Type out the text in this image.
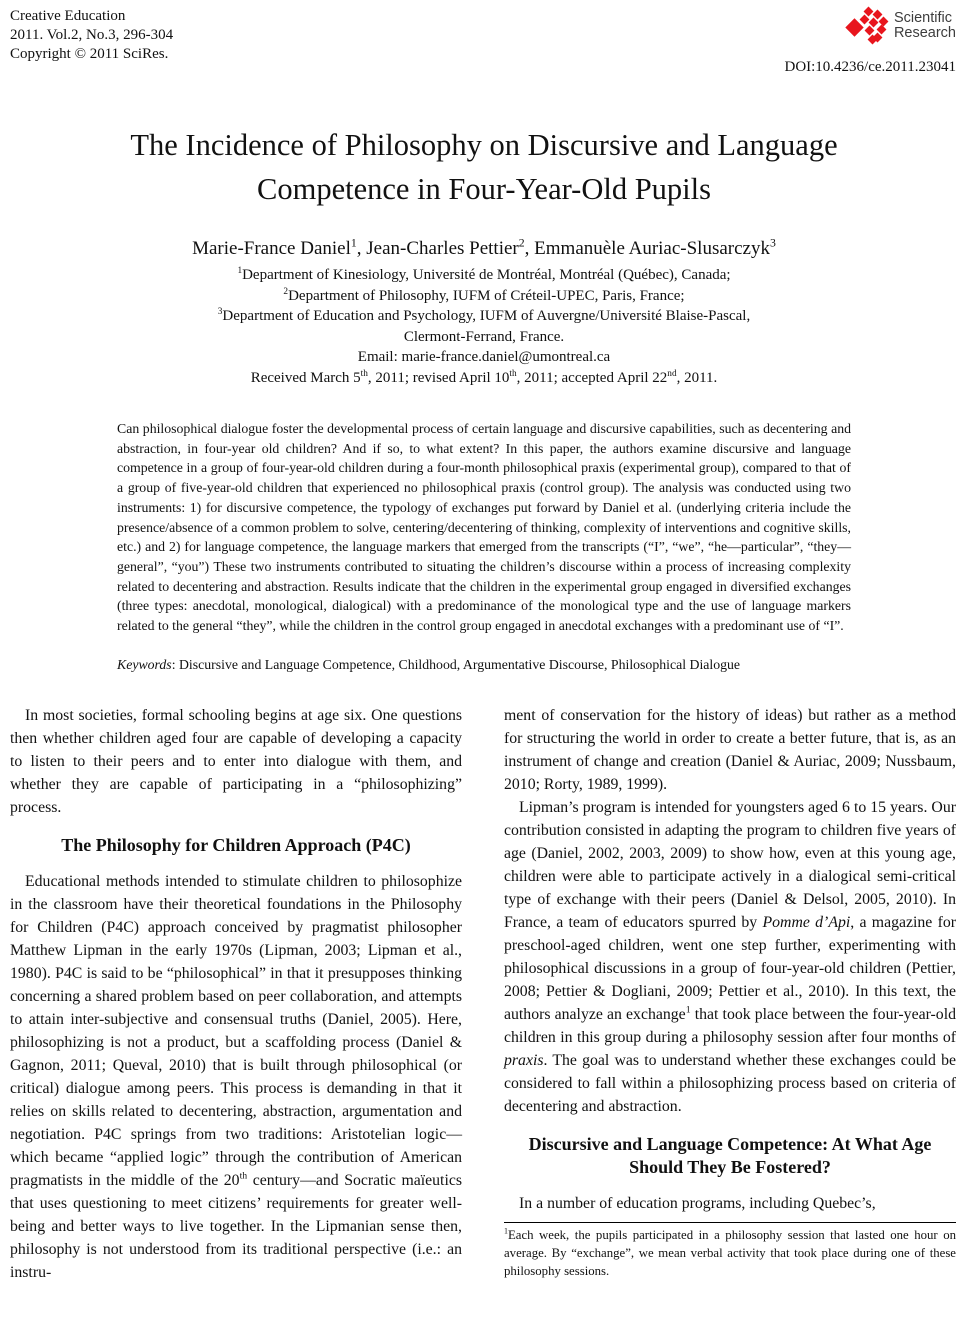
Creative Education
2011. Vol.2, No.3, 296-304
Copyright © 2011 SciRes.
Scientific
Research
DOI:10.4236/ce.2011.23041
The Incidence of Philosophy on Discursive and Language Competence in Four-Year-Old Pupils
Marie-France Daniel$^1$, Jean-Charles Pettier$^2$, Emmanuèle Auriac-Slusarczyk$^3$
$^1$Department of Kinesiology, Université de Montréal, Montréal (Québec), Canada;
$^2$Department of Philosophy, IUFM of Créteil-UPEC, Paris, France;
$^3$Department of Education and Psychology, IUFM of Auvergne/Université Blaise-Pascal,
Clermont-Ferrand, France.
Email: marie-france.daniel@umontreal.ca
Received March 5th, 2011; revised April 10th, 2011; accepted April 22nd, 2011.

Can philosophical dialogue foster the developmental process of certain language and discursive capabilities, such as decentering and abstraction, in four-year old children? And if so, to what extent? In this paper, the authors examine discursive and language competence in a group of four-year-old children during a four-month philosophical praxis (experimental group), compared to that of a group of five-year-old children that experienced no philosophical praxis (control group). The analysis was conducted using two instruments: 1) for discursive competence, the typology of exchanges put forward by Daniel et al. (underlying criteria include the presence/absence of a common problem to solve, centering/decentering of thinking, complexity of interventions and cognitive skills, etc.) and 2) for language competence, the language markers that emerged from the transcripts (“I”, “we”, “he—particular”, “they—general”, “you”) These two instruments contributed to situating the children’s discourse within a process of increasing complexity related to decentering and abstraction. Results indicate that the children in the experimental group engaged in diversified exchanges (three types: anecdotal, monological, dialogical) with a predominance of the monological type and the use of language markers related to the general “they”, while the children in the control group engaged in anecdotal exchanges with a predominant use of “I”.

Keywords: Discursive and Language Competence, Childhood, Argumentative Discourse, Philosophical Dialogue

In most societies, formal schooling begins at age six. One questions then whether children aged four are capable of developing a capacity to listen to their peers and to enter into dialogue with them, and whether they are capable of participating in a “philosophizing” process.

The Philosophy for Children Approach (P4C)

Educational methods intended to stimulate children to philosophize in the classroom have their theoretical foundations in the Philosophy for Children (P4C) approach conceived by pragmatist philosopher Matthew Lipman in the early 1970s (Lipman, 2003; Lipman et al., 1980). P4C is said to be “philosophical” in that it presupposes thinking concerning a shared problem based on peer collaboration, and attempts to attain inter-subjective and consensual truths (Daniel, 2005). Here, philosophizing is not a product, but a scaffolding process (Daniel & Gagnon, 2011; Queval, 2010) that is built through philosophical (or critical) dialogue among peers. This process is demanding in that it relies on skills related to decentering, abstraction, argumentation and negotiation. P4C springs from two traditions: Aristotelian logic—which became “applied logic” through the contribution of American pragmatists in the middle of the 20th century—and Socratic maïeutics that uses questioning to meet citizens’ requirements for greater well-being and better ways to live together. In the Lipmanian sense then, philosophy is not understood from its traditional perspective (i.e.: an instru-

ment of conservation for the history of ideas) but rather as a method for structuring the world in order to create a better future, that is, as an instrument of change and creation (Daniel & Auriac, 2009; Nussbaum, 2010; Rorty, 1989, 1999).

Lipman’s program is intended for youngsters aged 6 to 15 years. Our contribution consisted in adapting the program to children five years of age (Daniel, 2002, 2003, 2009) to show how, even at this young age, children were able to participate actively in a dialogical semi-critical type of exchange with their peers (Daniel & Delsol, 2005, 2010). In France, a team of educators spurred by Pomme d’Api, a magazine for preschool-aged children, went one step further, experimenting with philosophical discussions in a group of four-year-old children (Pettier, 2008; Pettier & Dogliani, 2009; Pettier et al., 2010). In this text, the authors analyze an exchange$^1$ that took place between the four-year-old children in this group during a philosophy session after four months of praxis. The goal was to understand whether these exchanges could be considered to fall within a philosophizing process based on criteria of decentering and abstraction.

Discursive and Language Competence: At What Age Should They Be Fostered?

In a number of education programs, including Quebec’s,

$^1$Each week, the pupils participated in a philosophy session that lasted one hour on average. By “exchange”, we mean verbal activity that took place during one of these philosophy sessions.
